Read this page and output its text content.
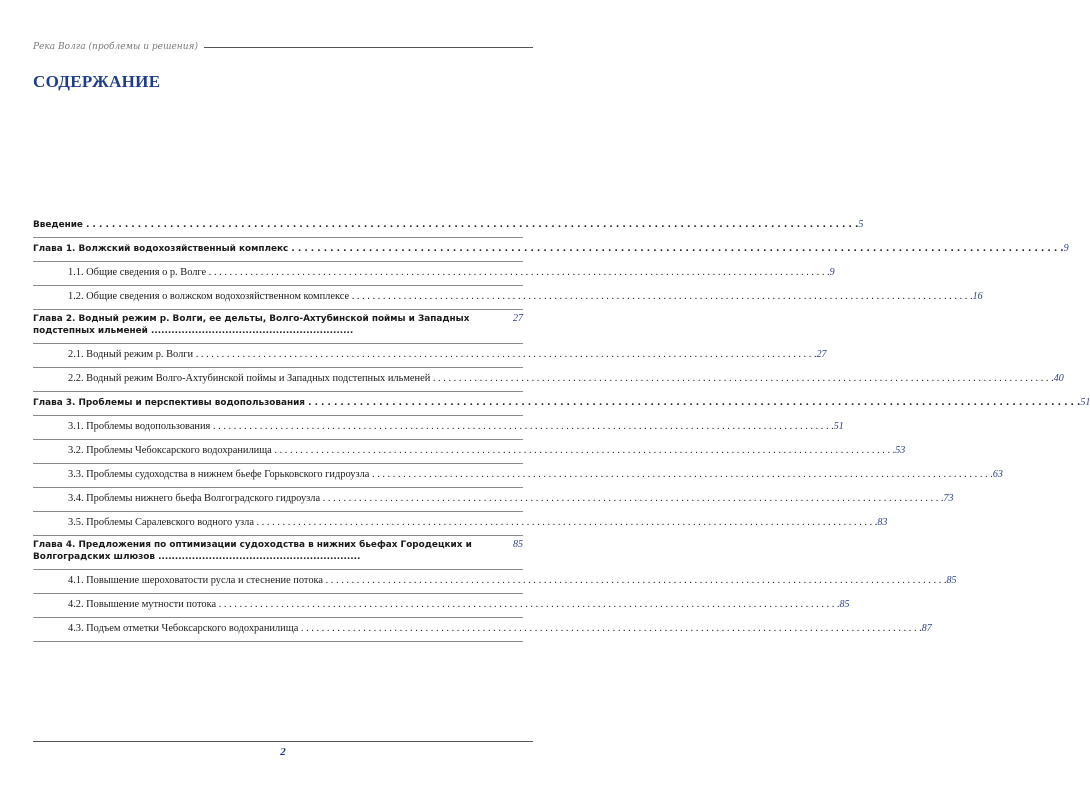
Река Волга (проблемы и решения)
СОДЕРЖАНИЕ
Введение . . . . . . . . . . . . . . . . . . . . . . . . . . . . . . . . . . . . . . . . . . . . . . . . . . . . . . . . . . . . . . . . . . . . . . . . . . . . . . . . . . . . . . . . . . . . . . . . . . . . . . . . . . . . . . . . . . . . . . . . 5
Глава 1. Волжский водохозяйственный комплекс . . . . . . . . . . . . . . . . . . . . . . . . . . . . . . . . . . . . . . . . . . . . . . . . . . . . . . . . . . . . . . . . . . . . . . . . . . . . . . . . . . . . . . . . . . . . . . . . . . . . . . . . . . . . . . . . . . . . . . . . 9
1.1. Общие сведения о р. Волге . . . . . . . . . . . . . . . . . . . . . . . . . . . . . . . . . . . . . . . . . . . . . . . . . . . . . . . . . . . . . . . . . . . . . . . . . . . . . . . . . . . . . . . . . . . . . . . . . . . . . . . . . . . . . . . . . . . . . . . . 9
1.2. Общие сведения о волжском водохозяйственном комплексе . . . . . . . . . . . . . . . . . . . . . . . . . . . . . . . . . . . . . . . . . . . . . . . . . . . . . . . . . . . . . . . . . . . . . . . . . . . . . . . . . . . . . . . . . . . . . . . . . . . . . . . . . . . . . . . . . . . . . . . . 16
Глава 2. Водный режим р. Волги, ее дельты, Волго-Ахтубинской поймы и Западных подстепных ильменей ............................................................
27
2.1. Водный режим р. Волги . . . . . . . . . . . . . . . . . . . . . . . . . . . . . . . . . . . . . . . . . . . . . . . . . . . . . . . . . . . . . . . . . . . . . . . . . . . . . . . . . . . . . . . . . . . . . . . . . . . . . . . . . . . . . . . . . . . . . . . . 27
2.2. Водный режим Волго-Ахтубинской поймы и Западных подстепных ильменей . . . . . . . . . . . . . . . . . . . . . . . . . . . . . . . . . . . . . . . . . . . . . . . . . . . . . . . . . . . . . . . . . . . . . . . . . . . . . . . . . . . . . . . . . . . . . . . . . . . . . . . . . . . . . . . . . . . . . . . . 40
Глава 3. Проблемы и перспективы водопользования . . . . . . . . . . . . . . . . . . . . . . . . . . . . . . . . . . . . . . . . . . . . . . . . . . . . . . . . . . . . . . . . . . . . . . . . . . . . . . . . . . . . . . . . . . . . . . . . . . . . . . . . . . . . . . . . . . . . . . . . 51
3.1. Проблемы водопользования . . . . . . . . . . . . . . . . . . . . . . . . . . . . . . . . . . . . . . . . . . . . . . . . . . . . . . . . . . . . . . . . . . . . . . . . . . . . . . . . . . . . . . . . . . . . . . . . . . . . . . . . . . . . . . . . . . . . . . . . 51
3.2. Проблемы Чебоксарского водохранилища . . . . . . . . . . . . . . . . . . . . . . . . . . . . . . . . . . . . . . . . . . . . . . . . . . . . . . . . . . . . . . . . . . . . . . . . . . . . . . . . . . . . . . . . . . . . . . . . . . . . . . . . . . . . . . . . . . . . . . . . 53
3.3. Проблемы судоходства в нижнем бьефе Горьковского гидроузла . . . . . . . . . . . . . . . . . . . . . . . . . . . . . . . . . . . . . . . . . . . . . . . . . . . . . . . . . . . . . . . . . . . . . . . . . . . . . . . . . . . . . . . . . . . . . . . . . . . . . . . . . . . . . . . . . . . . . . . . 63
3.4. Проблемы нижнего бьефа Волгоградского гидроузла . . . . . . . . . . . . . . . . . . . . . . . . . . . . . . . . . . . . . . . . . . . . . . . . . . . . . . . . . . . . . . . . . . . . . . . . . . . . . . . . . . . . . . . . . . . . . . . . . . . . . . . . . . . . . . . . . . . . . . . . 73
3.5. Проблемы Саралевского водного узла . . . . . . . . . . . . . . . . . . . . . . . . . . . . . . . . . . . . . . . . . . . . . . . . . . . . . . . . . . . . . . . . . . . . . . . . . . . . . . . . . . . . . . . . . . . . . . . . . . . . . . . . . . . . . . . . . . . . . . . . 83
Глава 4. Предложения по оптимизации судоходства в нижних бьефах Городецких и Волгоградских шлюзов ............................................................
85
4.1. Повышение шероховатости русла и стеснение потока . . . . . . . . . . . . . . . . . . . . . . . . . . . . . . . . . . . . . . . . . . . . . . . . . . . . . . . . . . . . . . . . . . . . . . . . . . . . . . . . . . . . . . . . . . . . . . . . . . . . . . . . . . . . . . . . . . . . . . . . 85
4.2. Повышение мутности потока . . . . . . . . . . . . . . . . . . . . . . . . . . . . . . . . . . . . . . . . . . . . . . . . . . . . . . . . . . . . . . . . . . . . . . . . . . . . . . . . . . . . . . . . . . . . . . . . . . . . . . . . . . . . . . . . . . . . . . . . 85
4.3. Подъем отметки Чебоксарского водохранилища . . . . . . . . . . . . . . . . . . . . . . . . . . . . . . . . . . . . . . . . . . . . . . . . . . . . . . . . . . . . . . . . . . . . . . . . . . . . . . . . . . . . . . . . . . . . . . . . . . . . . . . . . . . . . . . . . . . . . . . . 87
2
